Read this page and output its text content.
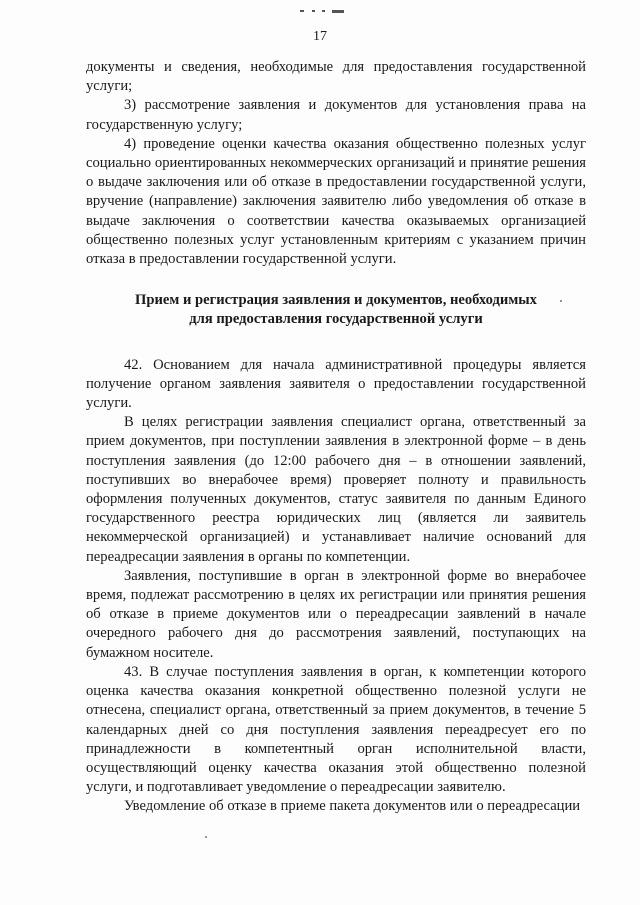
17

документы и сведения, необходимые для предоставления государственной услуги;

3) рассмотрение заявления и документов для установления права на государственную услугу;

4) проведение оценки качества оказания общественно полезных услуг социально ориентированных некоммерческих организаций и принятие решения о выдаче заключения или об отказе в предоставлении государственной услуги, вручение (направление) заключения заявителю либо уведомления об отказе в выдаче заключения о соответствии качества оказываемых организацией общественно полезных услуг установленным критериям с указанием причин отказа в предоставлении государственной услуги.

Прием и регистрация заявления и документов, необходимых
для предоставления государственной услуги

42. Основанием для начала административной процедуры является получение органом заявления заявителя о предоставлении государственной услуги.

В целях регистрации заявления специалист органа, ответственный за прием документов, при поступлении заявления в электронной форме – в день поступления заявления (до 12:00 рабочего дня – в отношении заявлений, поступивших во внерабочее время) проверяет полноту и правильность оформления полученных документов, статус заявителя по данным Единого государственного реестра юридических лиц (является ли заявитель некоммерческой организацией) и устанавливает наличие оснований для переадресации заявления в органы по компетенции.

Заявления, поступившие в орган в электронной форме во внерабочее время, подлежат рассмотрению в целях их регистрации или принятия решения об отказе в приеме документов или о переадресации заявлений в начале очередного рабочего дня до рассмотрения заявлений, поступающих на бумажном носителе.

43. В случае поступления заявления в орган, к компетенции которого оценка качества оказания конкретной общественно полезной услуги не отнесена, специалист органа, ответственный за прием документов, в течение 5 календарных дней со дня поступления заявления переадресует его по принадлежности в компетентный орган исполнительной власти, осуществляющий оценку качества оказания этой общественно полезной услуги, и подготавливает уведомление о переадресации заявителю.

Уведомление об отказе в приеме пакета документов или о переадресации
